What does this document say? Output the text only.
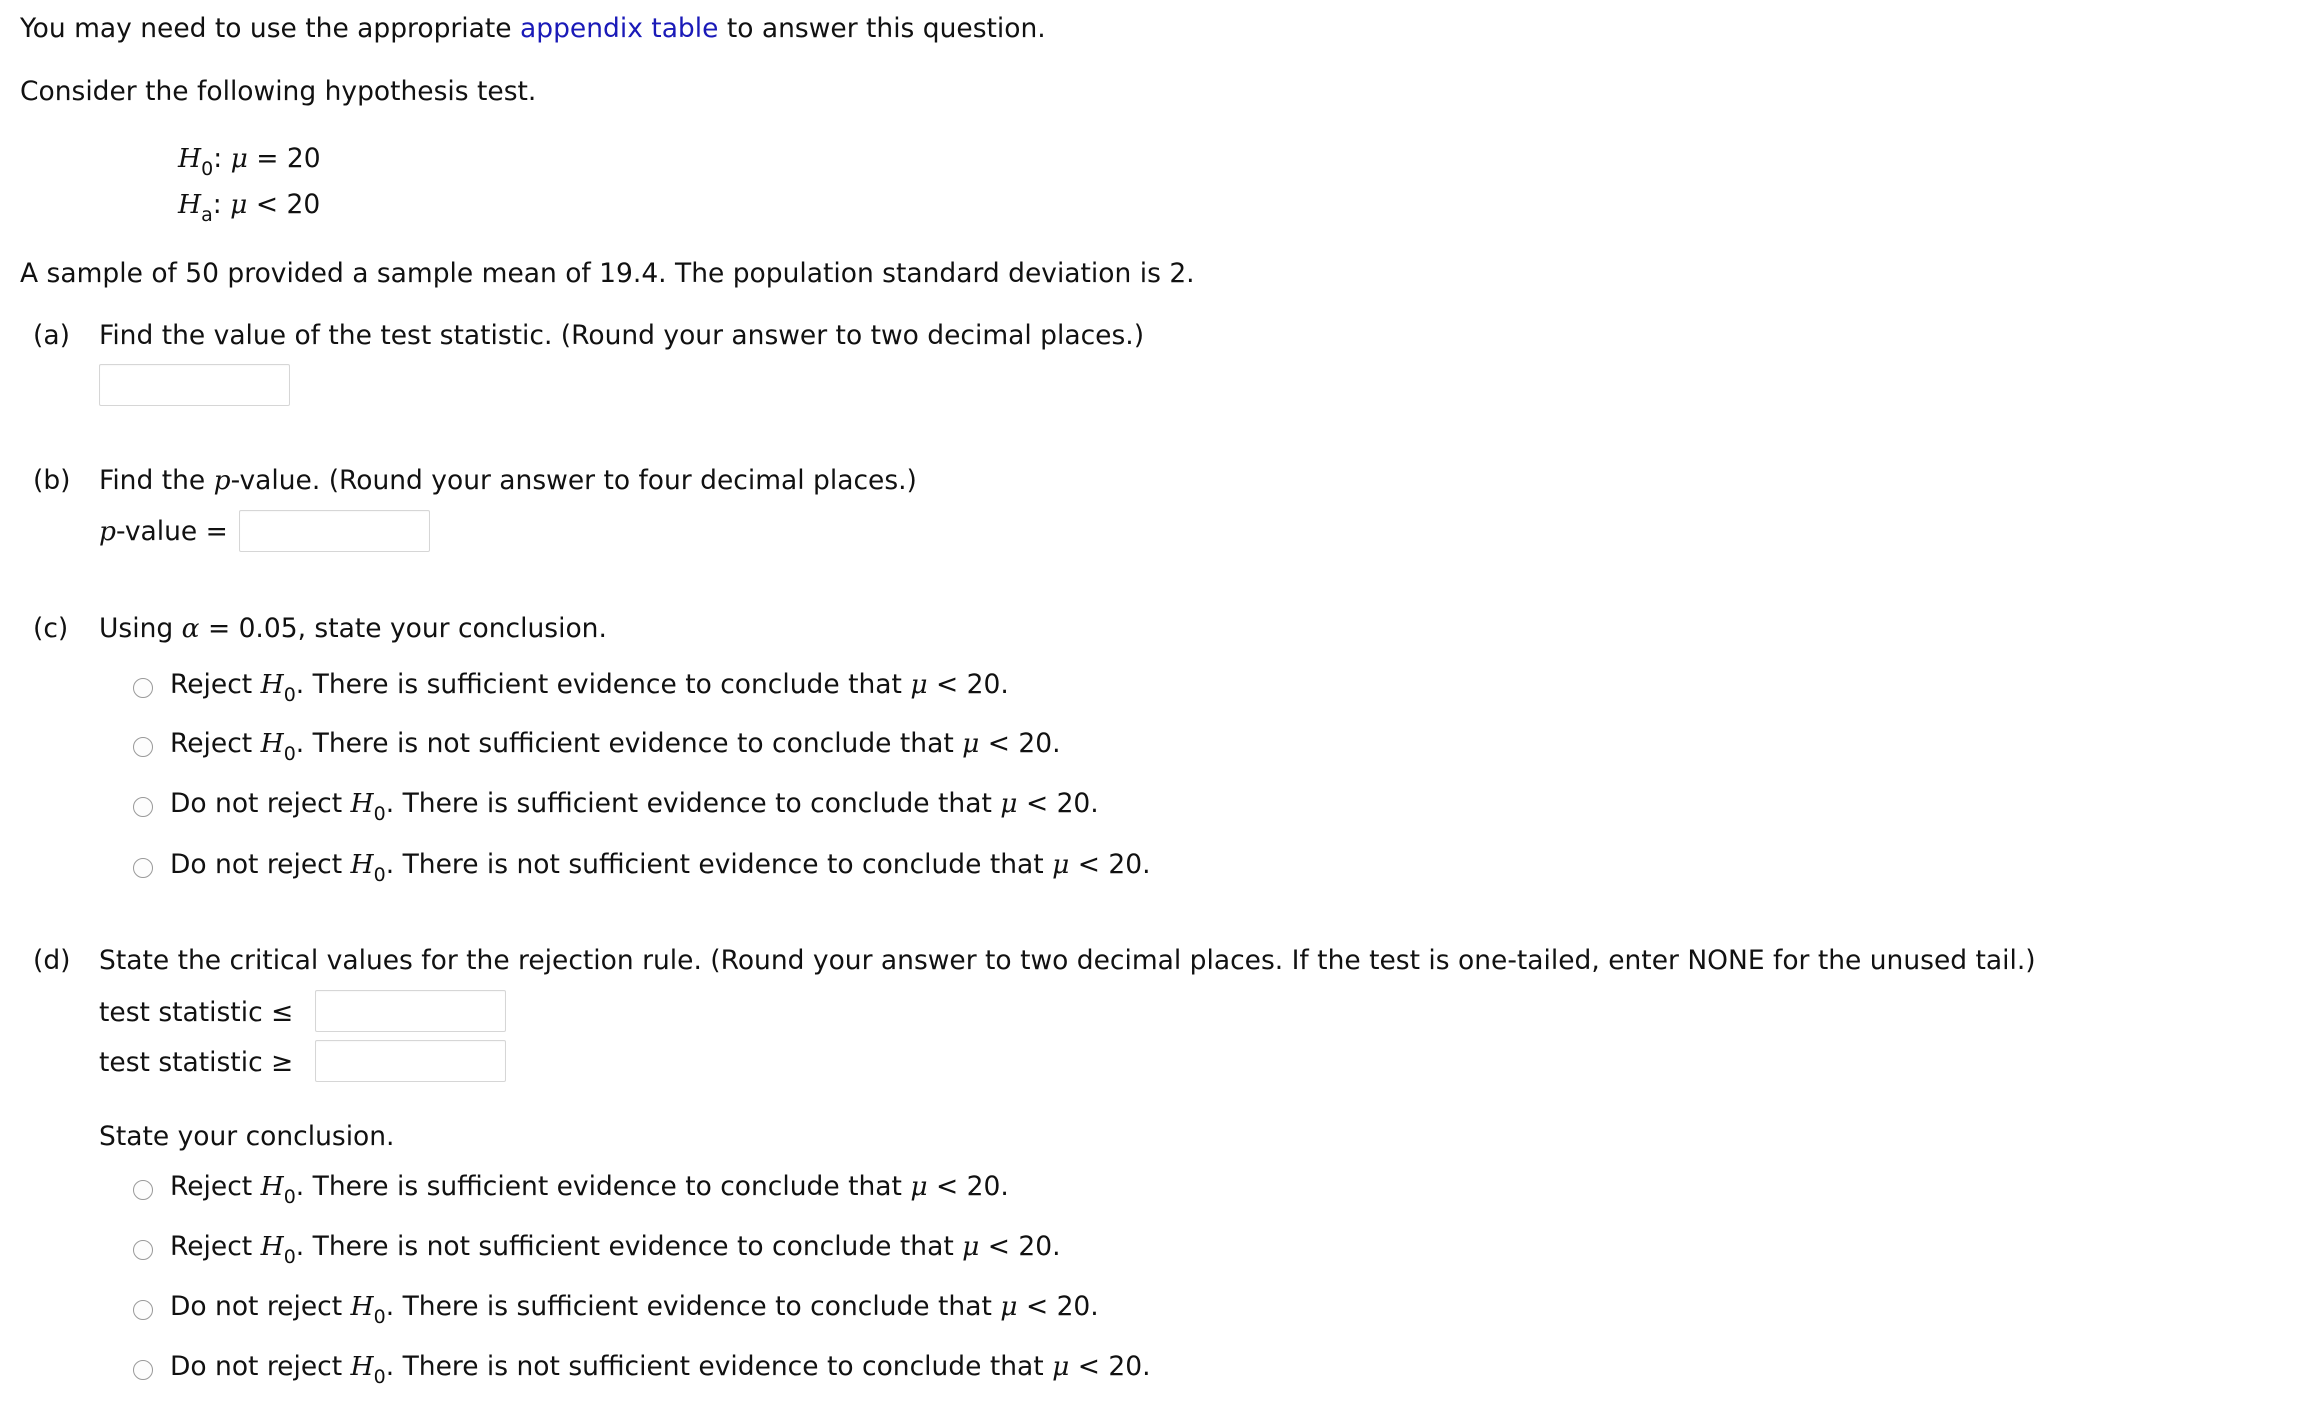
You may need to use the appropriate appendix table to answer this question.
Consider the following hypothesis test.
$H_0$: μ = 20
$H_a$: μ < 20
A sample of 50 provided a sample mean of 19.4. The population standard deviation is 2.
(a) Find the value of the test statistic. (Round your answer to two decimal places.)
(b) Find the p-value. (Round your answer to four decimal places.)
p-value =
(c) Using α = 0.05, state your conclusion.
Reject $H_0$. There is sufficient evidence to conclude that μ < 20.
Reject $H_0$. There is not sufficient evidence to conclude that μ < 20.
Do not reject $H_0$. There is sufficient evidence to conclude that μ < 20.
Do not reject $H_0$. There is not sufficient evidence to conclude that μ < 20.
(d) State the critical values for the rejection rule. (Round your answer to two decimal places. If the test is one-tailed, enter NONE for the unused tail.)
test statistic ≤
test statistic ≥
State your conclusion.
Reject $H_0$. There is sufficient evidence to conclude that μ < 20.
Reject $H_0$. There is not sufficient evidence to conclude that μ < 20.
Do not reject $H_0$. There is sufficient evidence to conclude that μ < 20.
Do not reject $H_0$. There is not sufficient evidence to conclude that μ < 20.
